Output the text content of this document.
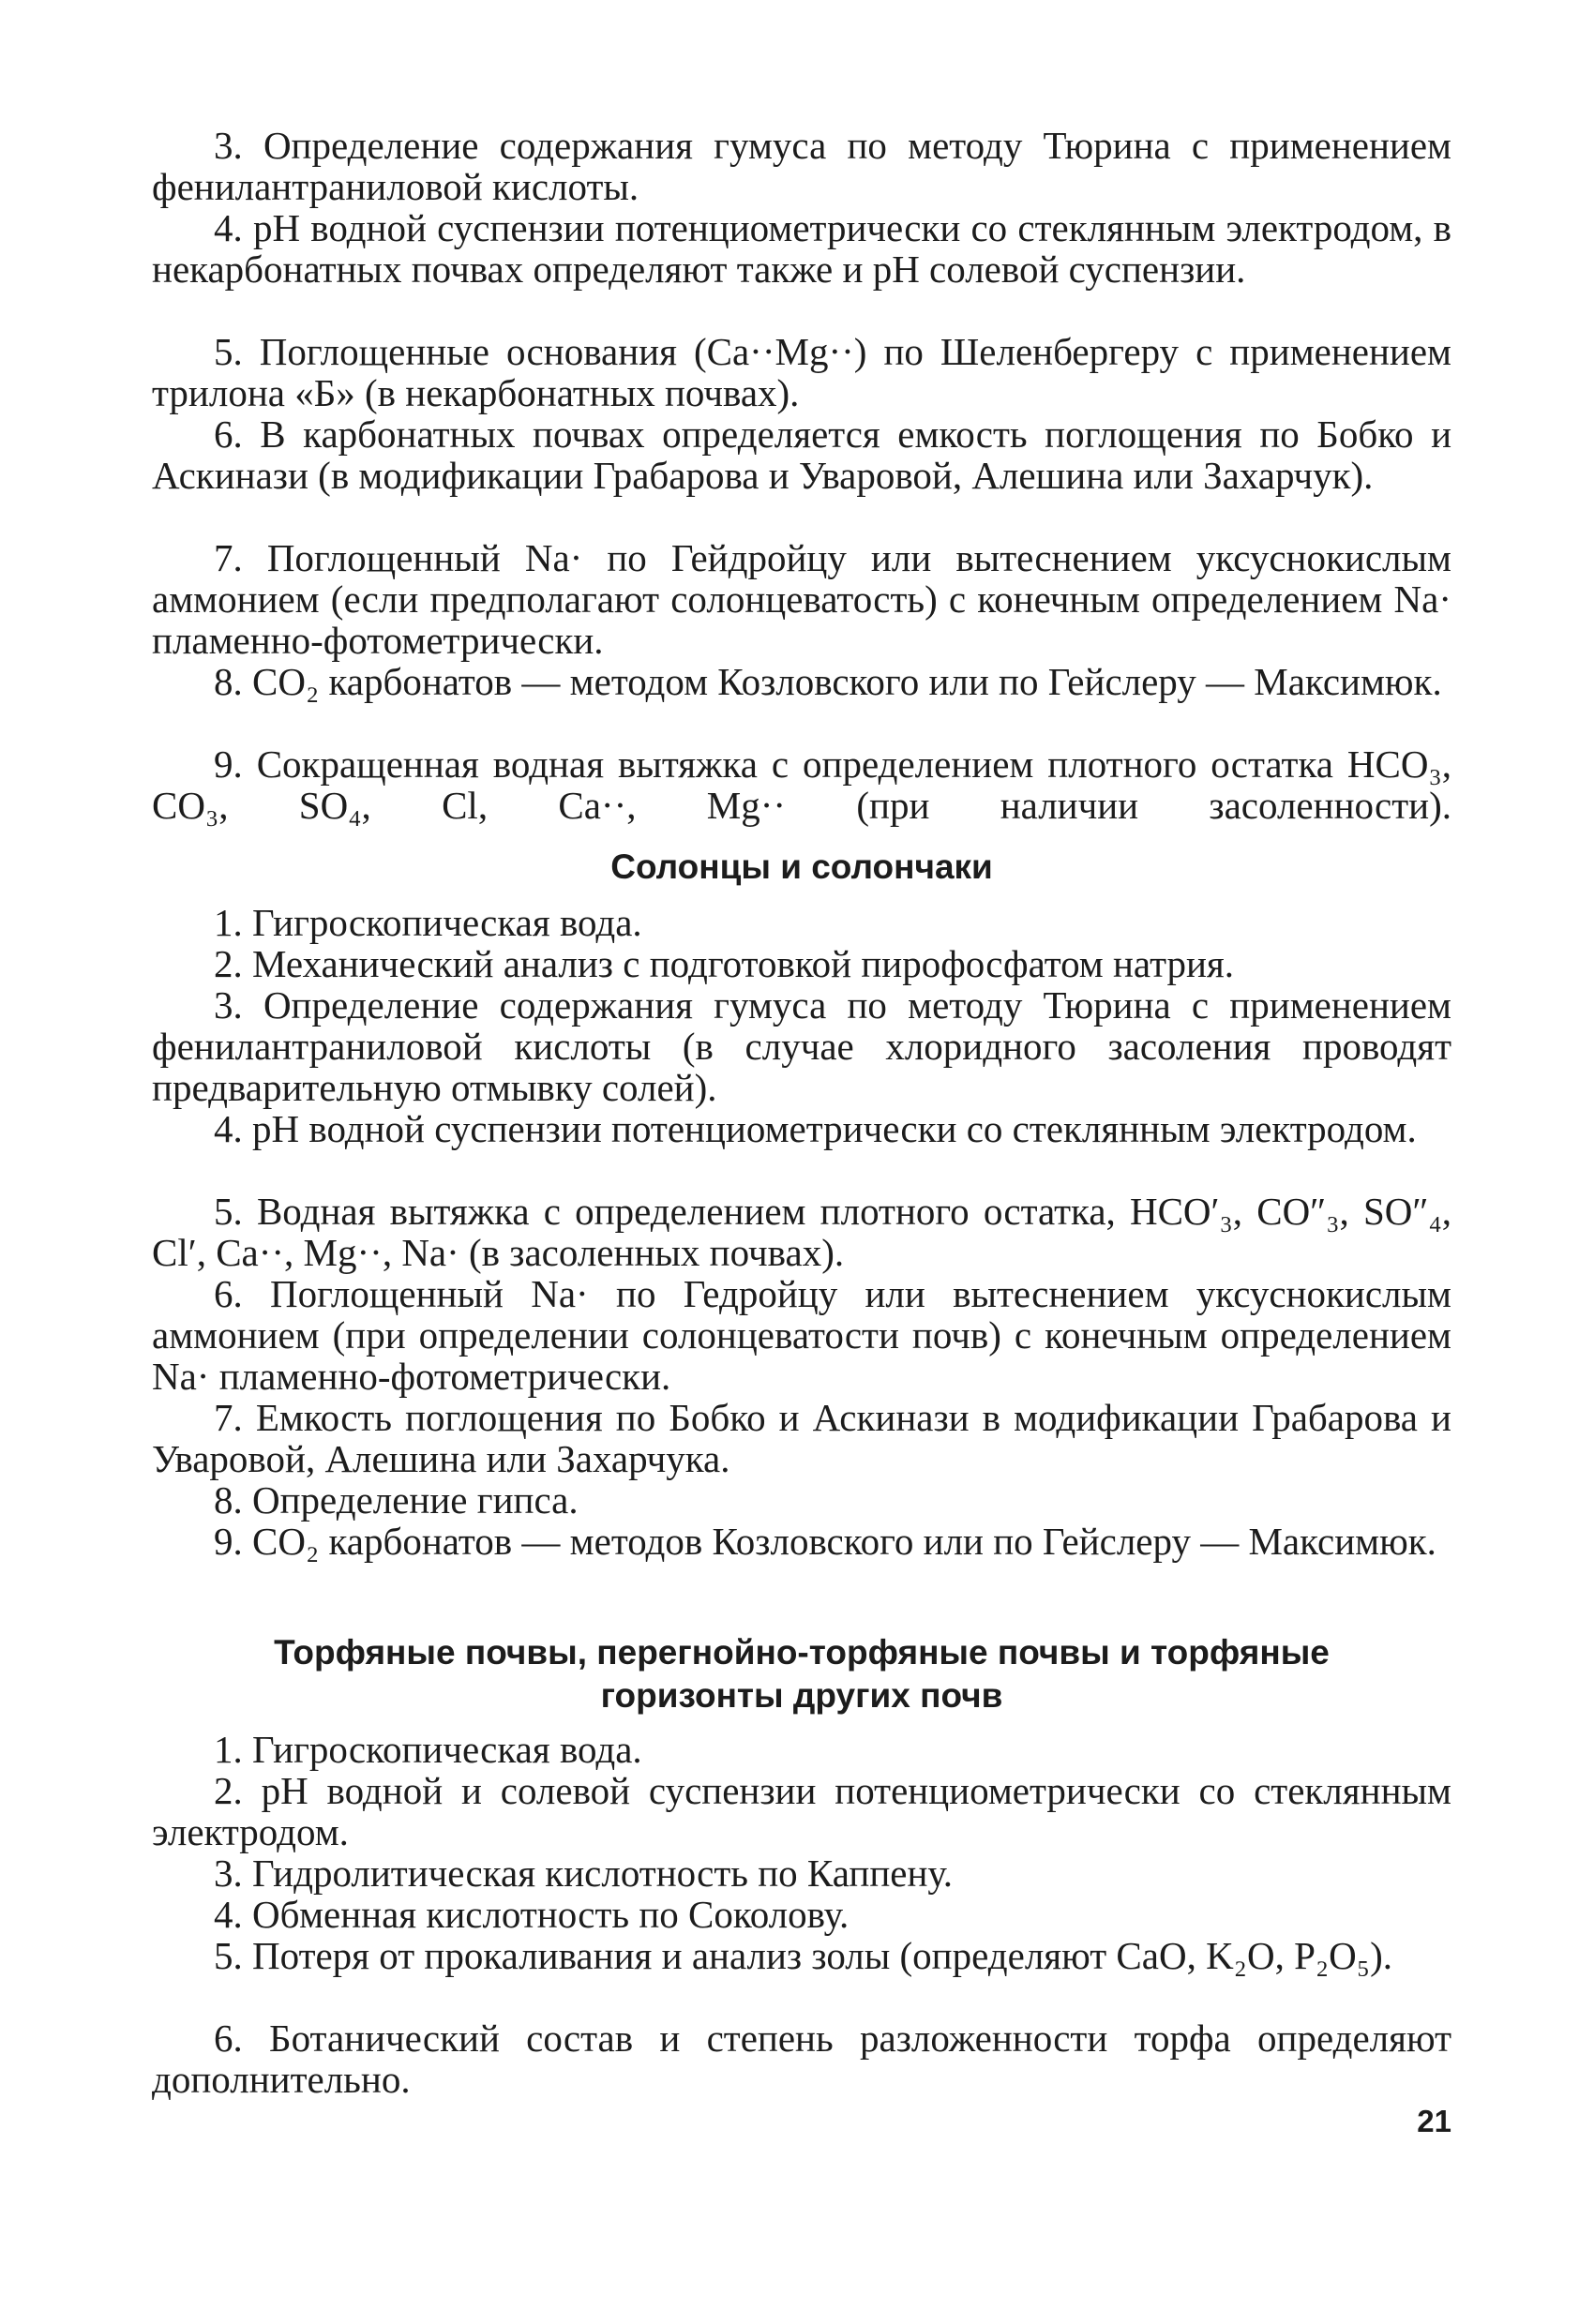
3. Определение содержания гумуса по методу Тюрина с применением фенилантраниловой кислоты.

4. рН водной суспензии потенциометрически со стеклянным электродом, в некарбонатных почвах определяют также и рН солевой суспензии.

5. Поглощенные основания (Ca··Mg··) по Шеленбергеру с применением трилона «Б» (в некарбонатных почвах).

6. В карбонатных почвах определяется емкость поглощения по Бобко и Аскинази (в модификации Грабарова и Уваровой, Алешина или Захарчук).

7. Поглощенный Na· по Гейдройцу или вытеснением уксуснокислым аммонием (если предполагают солонцеватость) с конечным определением Na· пламенно-фотометрически.

8. CO₂ карбонатов — методом Козловского или по Гейслеру — Максимюк.

9. Сокращенная водная вытяжка с определением плотного остатка HCO₃, CO₃, SO₄, Cl, Ca··, Mg·· (при наличии засоленности).

Солонцы и солончаки

1. Гигроскопическая вода.

2. Механический анализ с подготовкой пирофосфатом натрия.

3. Определение содержания гумуса по методу Тюрина с применением фенилантраниловой кислоты (в случае хлоридного засоления проводят предварительную отмывку солей).

4. рН водной суспензии потенциометрически со стеклянным электродом.

5. Водная вытяжка с определением плотного остатка, HCO′₃, CO″₃, SO″₄, Cl′, Ca··, Mg··, Na· (в засоленных почвах).

6. Поглощенный Na· по Гедройцу или вытеснением уксуснокислым аммонием (при определении солонцеватости почв) с конечным определением Na· пламенно-фотометрически.

7. Емкость поглощения по Бобко и Аскинази в модификации Грабарова и Уваровой, Алешина или Захарчука.

8. Определение гипса.

9. CO₂ карбонатов — методов Козловского или по Гейслеру — Максимюк.

Торфяные почвы, перегнойно-торфяные почвы и торфяные горизонты других почв

1. Гигроскопическая вода.

2. рН водной и солевой суспензии потенциометрически со стеклянным электродом.

3. Гидролитическая кислотность по Каппену.

4. Обменная кислотность по Соколову.

5. Потеря от прокаливания и анализ золы (определяют CaO, K₂O, P₂O₅).

6. Ботанический состав и степень разложенности торфа определяют дополнительно.

21
